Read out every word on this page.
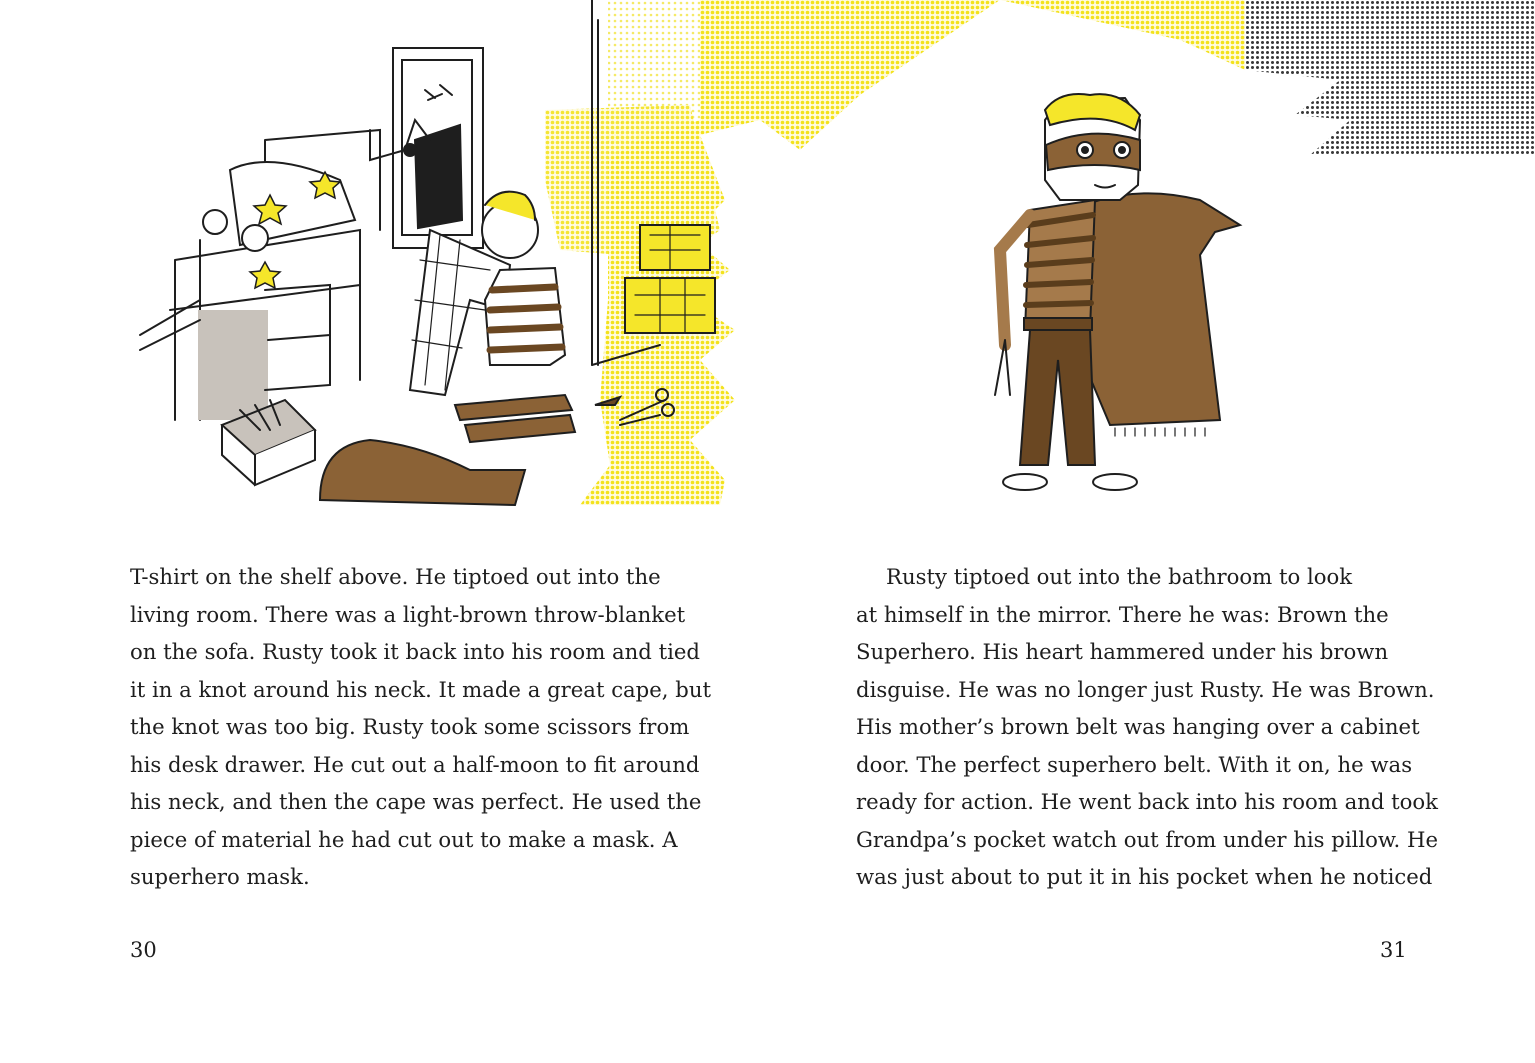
T-shirt on the shelf above. He tiptoed out into the
living room. There was a light-brown throw-blanket
on the sofa. Rusty took it back into his room and tied
it in a knot around his neck. It made a great cape, but
the knot was too big. Rusty took some scissors from
his desk drawer. He cut out a half-moon to fit around
his neck, and then the cape was perfect. He used the
piece of material he had cut out to make a mask. A
superhero mask.
Rusty tiptoed out into the bathroom to look
at himself in the mirror. There he was: Brown the
Superhero. His heart hammered under his brown
disguise. He was no longer just Rusty. He was Brown.
His mother’s brown belt was hanging over a cabinet
door. The perfect superhero belt. With it on, he was
ready for action. He went back into his room and took
Grandpa’s pocket watch out from under his pillow. He
was just about to put it in his pocket when he noticed
30	31
